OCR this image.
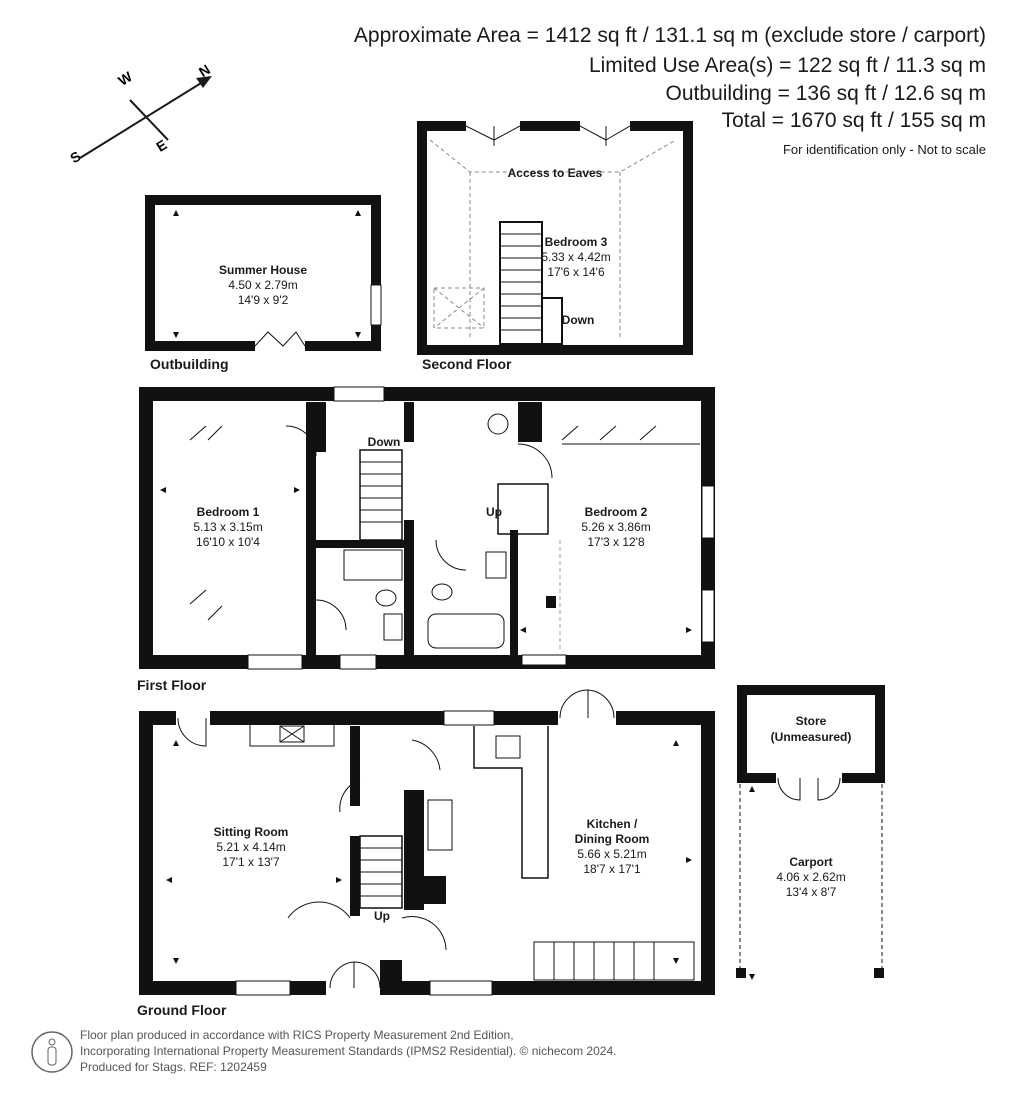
Approximate Area = 1412 sq ft / 131.1 sq m (exclude store / carport)
Limited Use Area(s) = 122 sq ft / 11.3 sq m
Outbuilding = 136 sq ft / 12.6 sq m
Total = 1670 sq ft / 155 sq m
For identification only - Not to scale
N
S
W
E
Summer House
4.50 x 2.79m
14'9 x 9'2
Access to Eaves
Bedroom 3
5.33 x 4.42m
17'6 x 14'6
Down
Bedroom 1
5.13 x 3.15m
16'10 x 10'4
Bedroom 2
5.26 x 3.86m
17'3 x 12'8
Down
Up
Sitting Room
5.21 x 4.14m
17'1 x 13'7
Kitchen /
Dining Room
5.66 x 5.21m
18'7 x 17'1
Up
Store
(Unmeasured)
Carport
4.06 x 2.62m
13'4 x 8'7
Outbuilding	Second Floor
First Floor
Ground Floor
Floor plan produced in accordance with RICS Property Measurement 2nd Edition,
Incorporating International Property Measurement Standards (IPMS2 Residential). © nichecom 2024.
Produced for Stags. REF: 1202459
